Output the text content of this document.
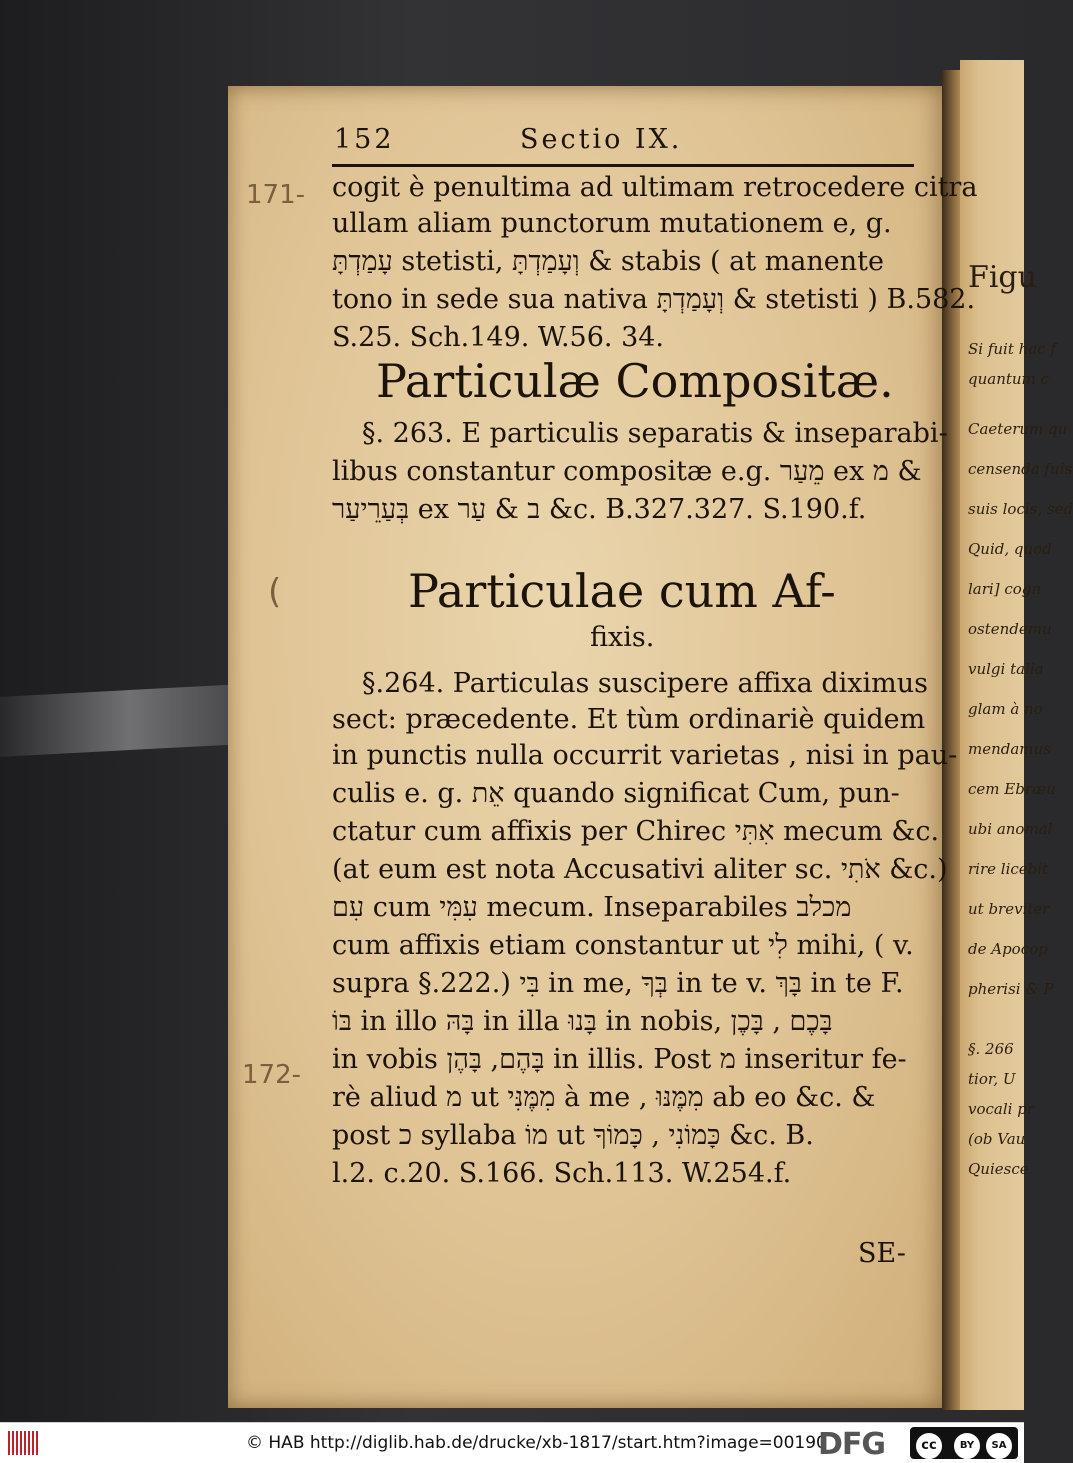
Figu
Si fuit hac f
quantum c
Caeterum qu
censenda fuis
suis locis, sed
Quid, quod
lari] cogn
ostendemu
vulgi talia
glam à no
mendamus
cem Ebræu
ubi anomal
rire licebit
ut breviter
de Apocop
pherisi & P
§. 266
tior, U
vocali pr
(ob Vau
Quiesce
152	Sectio IX.
171-
(
172-
cogit è penultima ad ultimam retrocedere citra
ullam aliam punctorum mutationem e, g.
עָמַדְתָּ stetisti, וְעָמַדְתָּ & stabis ( at manente
tono in sede sua nativa וְעָמַדְתָּ & stetisti ) B.582.
S.25. Sch.149. W.56. 34.
Particulæ Compositæ.
§. 263. E particulis separatis & inseparabi-
libus constantur compositæ e.g. מֵעַר ex מ &
בְּעַרֵיעַר ex ב & עַר &c. B.327.327. S.190.f.
Particulae cum Af-
fixis.
§.264. Particulas suscipere affixa diximus
sect: præcedente. Et tùm ordinariè quidem
in punctis nulla occurrit varietas , nisi in pau-
culis e. g. אֵת quando significat Cum, pun-
ctatur cum affixis per Chirec אִתִּי mecum &c.
(at eum est nota Accusativi aliter sc. אֹתִי &c.)
עִם cum עִמִּי mecum. Inseparabiles מכלב
cum affixis etiam constantur ut לִי mihi, ( v.
supra §.222.) בִּי in me, בְּךָ in te v. בָּךְ in te F.
בּוֹ in illo בָּהּ in illa בָּנוּ in nobis, בָּכֶם , בָּכֶן
in vobis בָּהֶם, בָּהֶן in illis. Post מ inseritur fe-
rè aliud מ ut מִמֶּנִּי à me , מִמֶּנּוּ ab eo &c. &
post כ syllaba מוֹ ut כָּמוֹנִי , כָּמוֹךָ &c. B.
l.2. c.20. S.166. Sch.113. W.254.f.
SE-
© HAB http://diglib.hab.de/drucke/xb-1817/start.htm?image=00190
DFG	cc	BY	SA
